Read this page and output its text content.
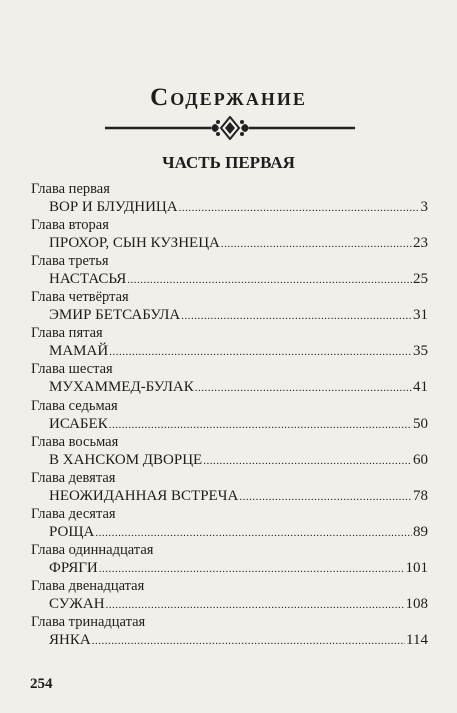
Содержание
ЧАСТЬ ПЕРВАЯ
Глава первая
ВОР И БЛУДНИЦА .....	3
Глава вторая
ПРОХОР, СЫН КУЗНЕЦА .....	23
Глава третья
НАСТАСЬЯ .....	25
Глава четвёртая
ЭМИР БЕТСАБУЛА .....	31
Глава пятая
МАМАЙ .....	35
Глава шестая
МУХАММЕД-БУЛАК .....	41
Глава седьмая
ИСАБЕК .....	50
Глава восьмая
В ХАНСКОМ ДВОРЦЕ .....	60
Глава девятая
НЕОЖИДАННАЯ ВСТРЕЧА .....	78
Глава десятая
РОЩА .....	89
Глава одиннадцатая
ФРЯГИ .....	101
Глава двенадцатая
СУЖАН .....	108
Глава тринадцатая
ЯНКА .....	114
254
